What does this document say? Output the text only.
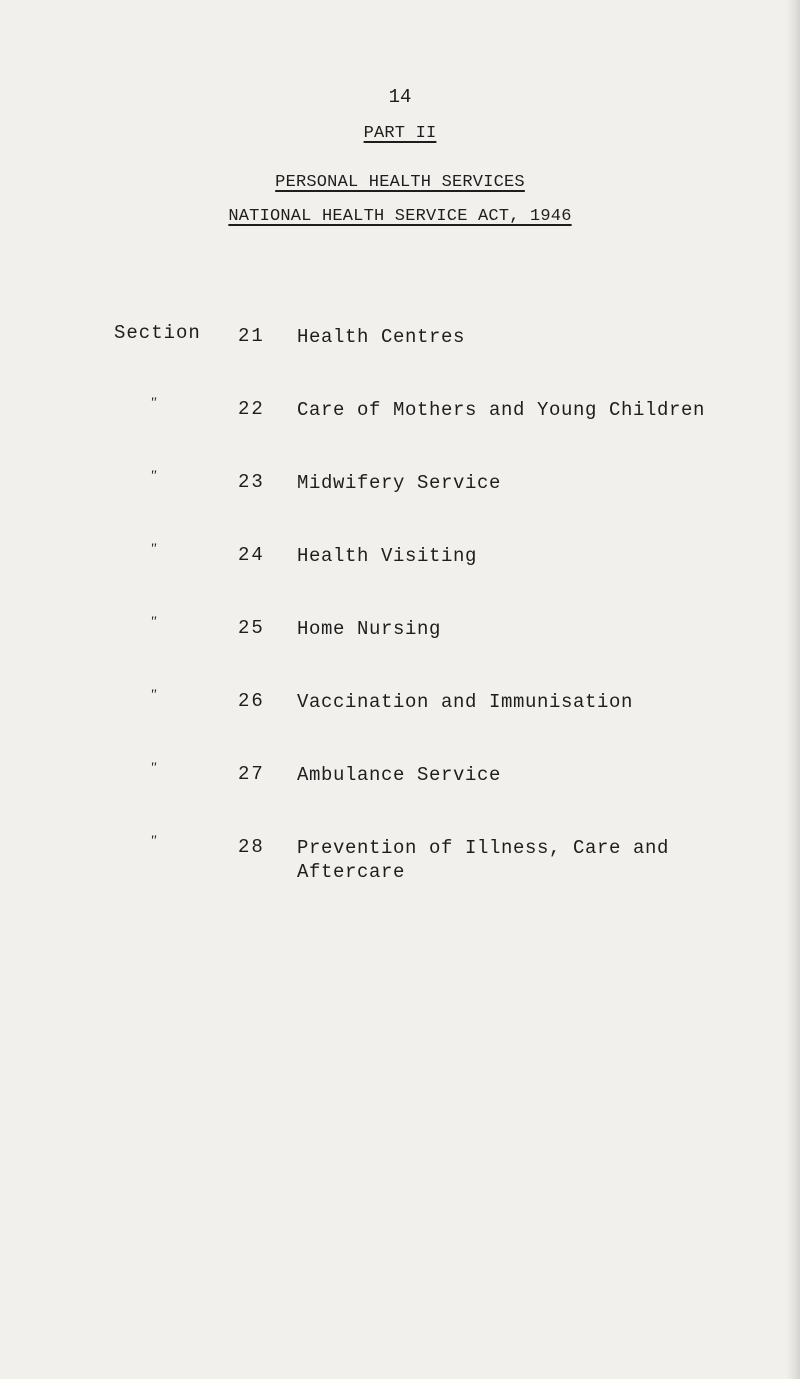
14
PART II
PERSONAL HEALTH SERVICES
NATIONAL HEALTH SERVICE ACT, 1946
Section	21 Health Centres
"	22 Care of Mothers and Young Children
"	23 Midwifery Service
"	24 Health Visiting
"	25 Home Nursing
"	26 Vaccination and Immunisation
"	27 Ambulance Service
"	28 Prevention of Illness, Care and Aftercare
